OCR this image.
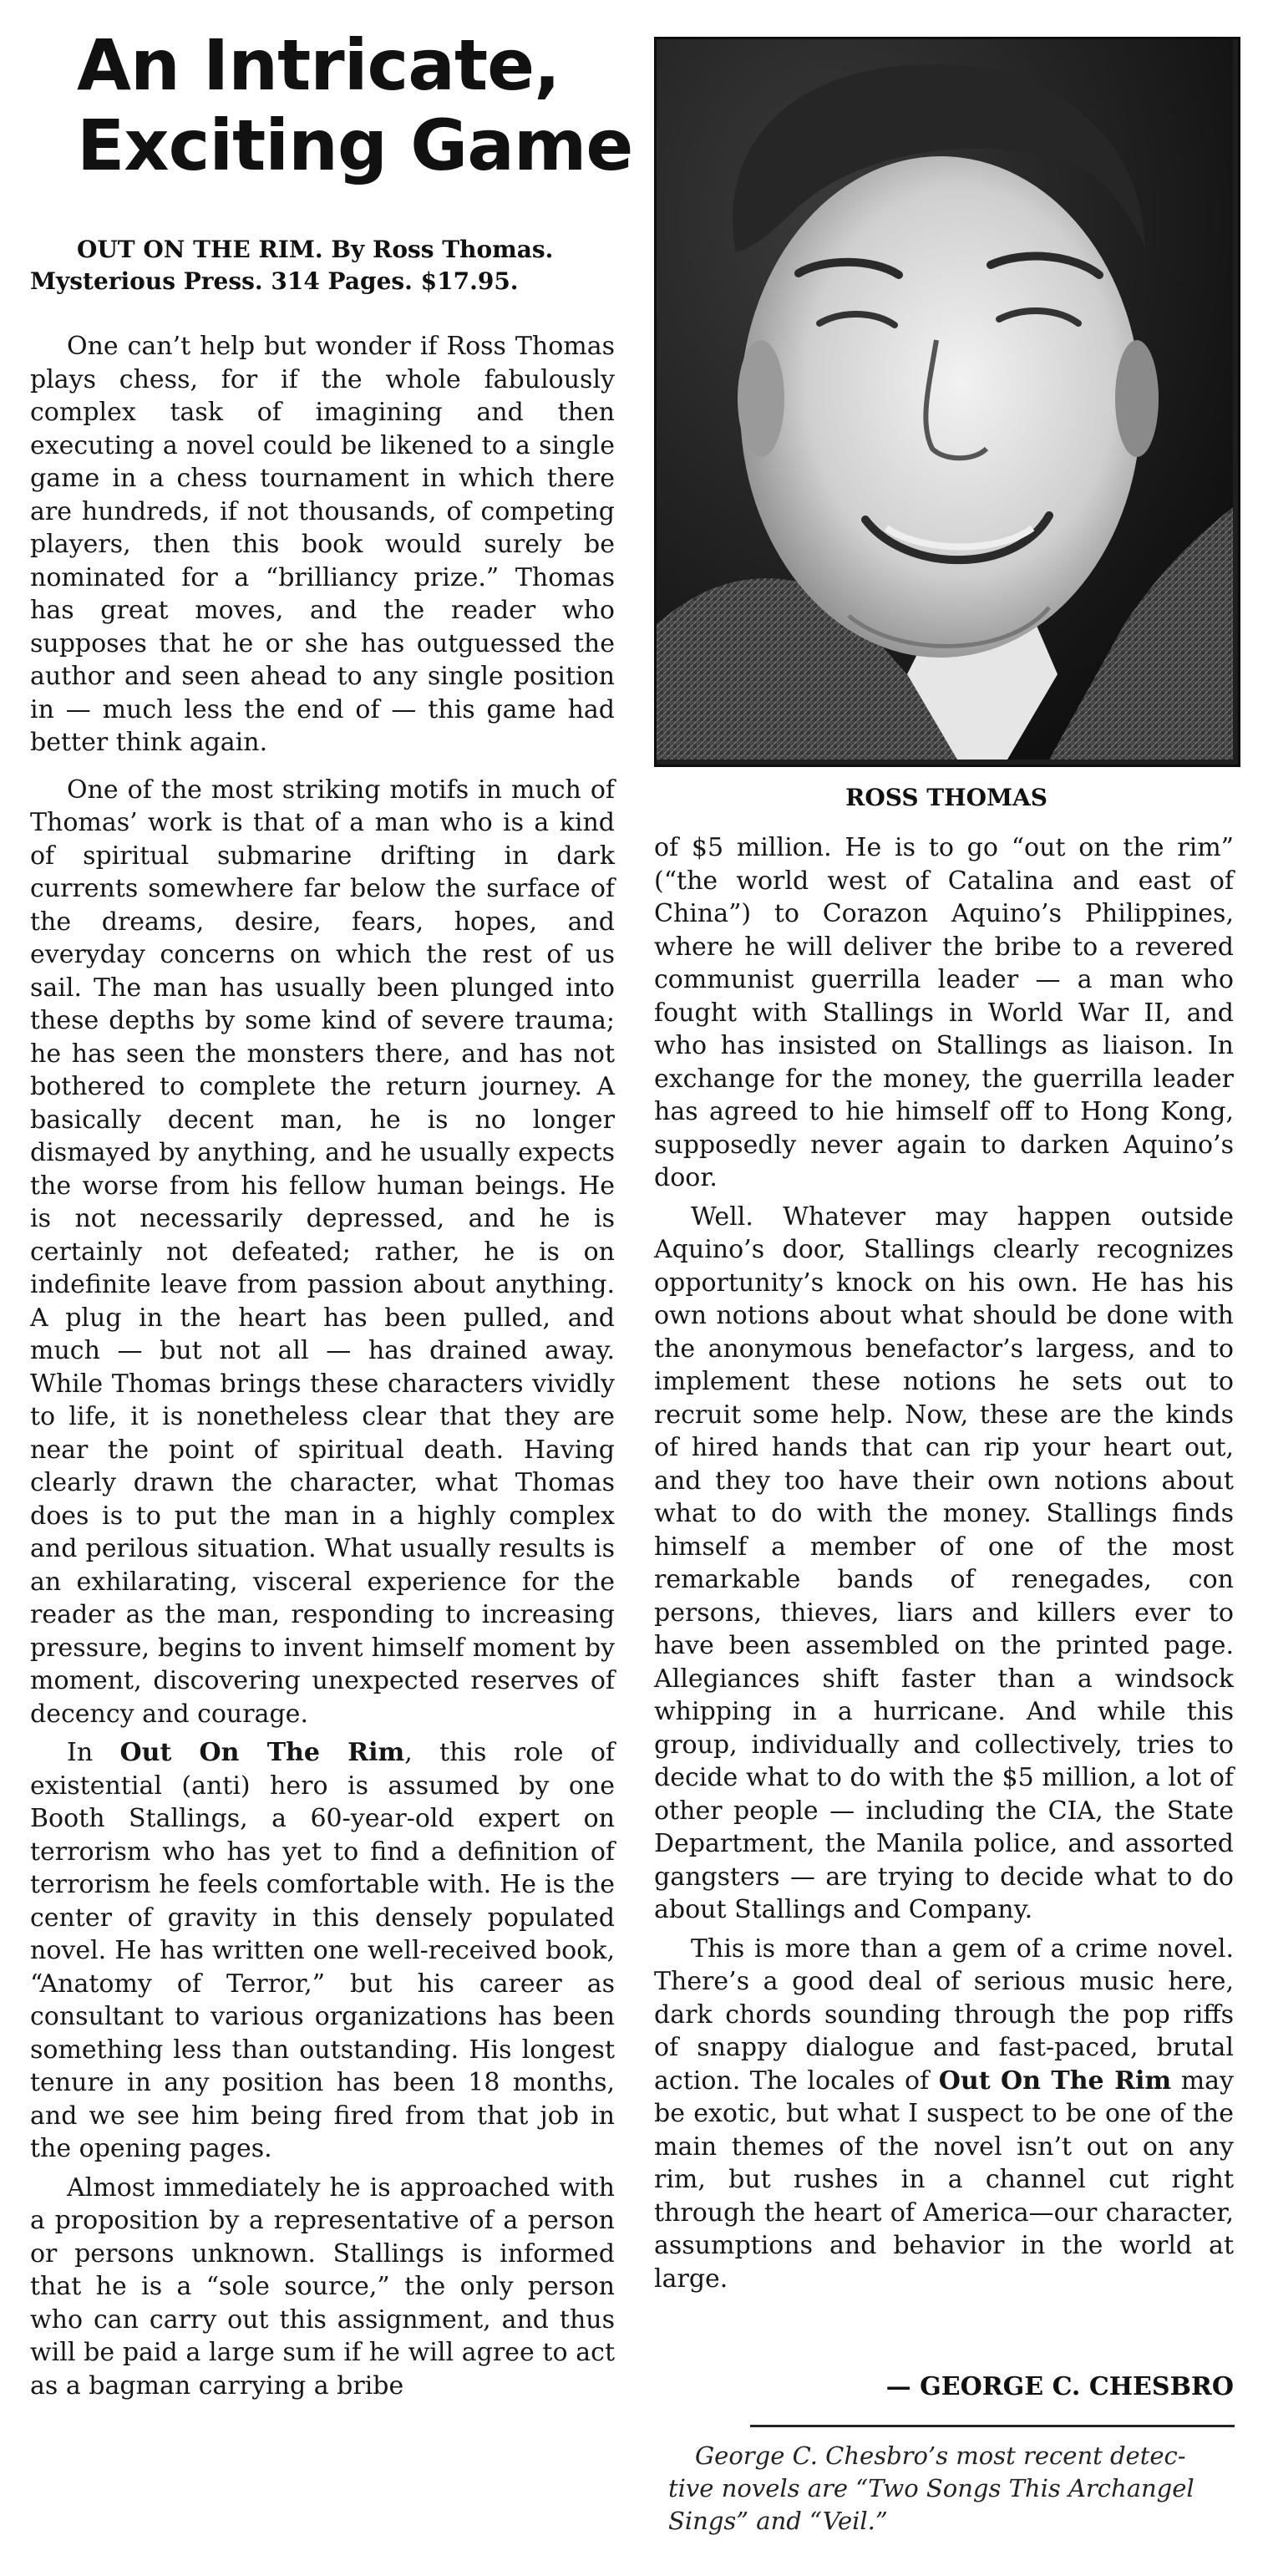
An Intricate,
Exciting Game
OUT ON THE RIM. By Ross Thomas.
Mysterious Press. 314 Pages. $17.95.
ROSS THOMAS

One can’t help but wonder if Ross Thomas plays chess, for if the whole fabulously complex task of imagining and then executing a novel could be likened to a single game in a chess tournament in which there are hundreds, if not thousands, of competing players, then this book would surely be nominated for a “brilliancy prize.” Thomas has great moves, and the reader who supposes that he or she has outguessed the author and seen ahead to any single position in — much less the end of — this game had better think again.

One of the most striking motifs in much of Thomas’ work is that of a man who is a kind of spiritual submarine drifting in dark currents somewhere far below the surface of the dreams, desire, fears, hopes, and everyday concerns on which the rest of us sail. The man has usually been plunged into these depths by some kind of severe trauma; he has seen the monsters there, and has not bothered to complete the return journey. A basically decent man, he is no longer dismayed by anything, and he usually expects the worse from his fellow human beings. He is not necessarily depressed, and he is certainly not defeated; rather, he is on indefinite leave from passion about anything. A plug in the heart has been pulled, and much — but not all — has drained away. While Thomas brings these characters vividly to life, it is nonetheless clear that they are near the point of spiritual death. Having clearly drawn the character, what Thomas does is to put the man in a highly complex and perilous situation. What usually results is an exhilarating, visceral experience for the reader as the man, responding to increasing pressure, begins to invent himself moment by moment, discovering unexpected reserves of decency and courage.

In Out On The Rim, this role of existential (anti) hero is assumed by one Booth Stallings, a 60-year-old expert on terrorism who has yet to find a definition of terrorism he feels comfortable with. He is the center of gravity in this densely populated novel. He has written one well-received book, “Anatomy of Terror,” but his career as consultant to various organizations has been something less than outstanding. His longest tenure in any position has been 18 months, and we see him being fired from that job in the opening pages.

Almost immediately he is approached with a proposition by a representative of a person or persons unknown. Stallings is informed that he is a “sole source,” the only person who can carry out this assignment, and thus will be paid a large sum if he will agree to act as a bagman carrying a bribe

of $5 million. He is to go “out on the rim” (“the world west of Catalina and east of China”) to Corazon Aquino’s Philippines, where he will deliver the bribe to a revered communist guerrilla leader — a man who fought with Stallings in World War II, and who has insisted on Stallings as liaison. In exchange for the money, the guerrilla leader has agreed to hie himself off to Hong Kong, supposedly never again to darken Aquino’s door.

Well. Whatever may happen outside Aquino’s door, Stallings clearly recognizes opportunity’s knock on his own. He has his own notions about what should be done with the anonymous benefactor’s largess, and to implement these notions he sets out to recruit some help. Now, these are the kinds of hired hands that can rip your heart out, and they too have their own notions about what to do with the money. Stallings finds himself a member of one of the most remarkable bands of renegades, con persons, thieves, liars and killers ever to have been assembled on the printed page. Allegiances shift faster than a windsock whipping in a hurricane. And while this group, individually and collectively, tries to decide what to do with the $5 million, a lot of other people — including the CIA, the State Department, the Manila police, and assorted gangsters — are trying to decide what to do about Stallings and Company.

This is more than a gem of a crime novel. There’s a good deal of serious music here, dark chords sounding through the pop riffs of snappy dialogue and fast-paced, brutal action. The locales of Out On The Rim may be exotic, but what I suspect to be one of the main themes of the novel isn’t out on any rim, but rushes in a channel cut right through the heart of America—our character, assumptions and behavior in the world at large.

— GEORGE C. CHESBRO
George C. Chesbro’s most recent detec-
tive novels are “Two Songs This Archangel
Sings” and “Veil.”
